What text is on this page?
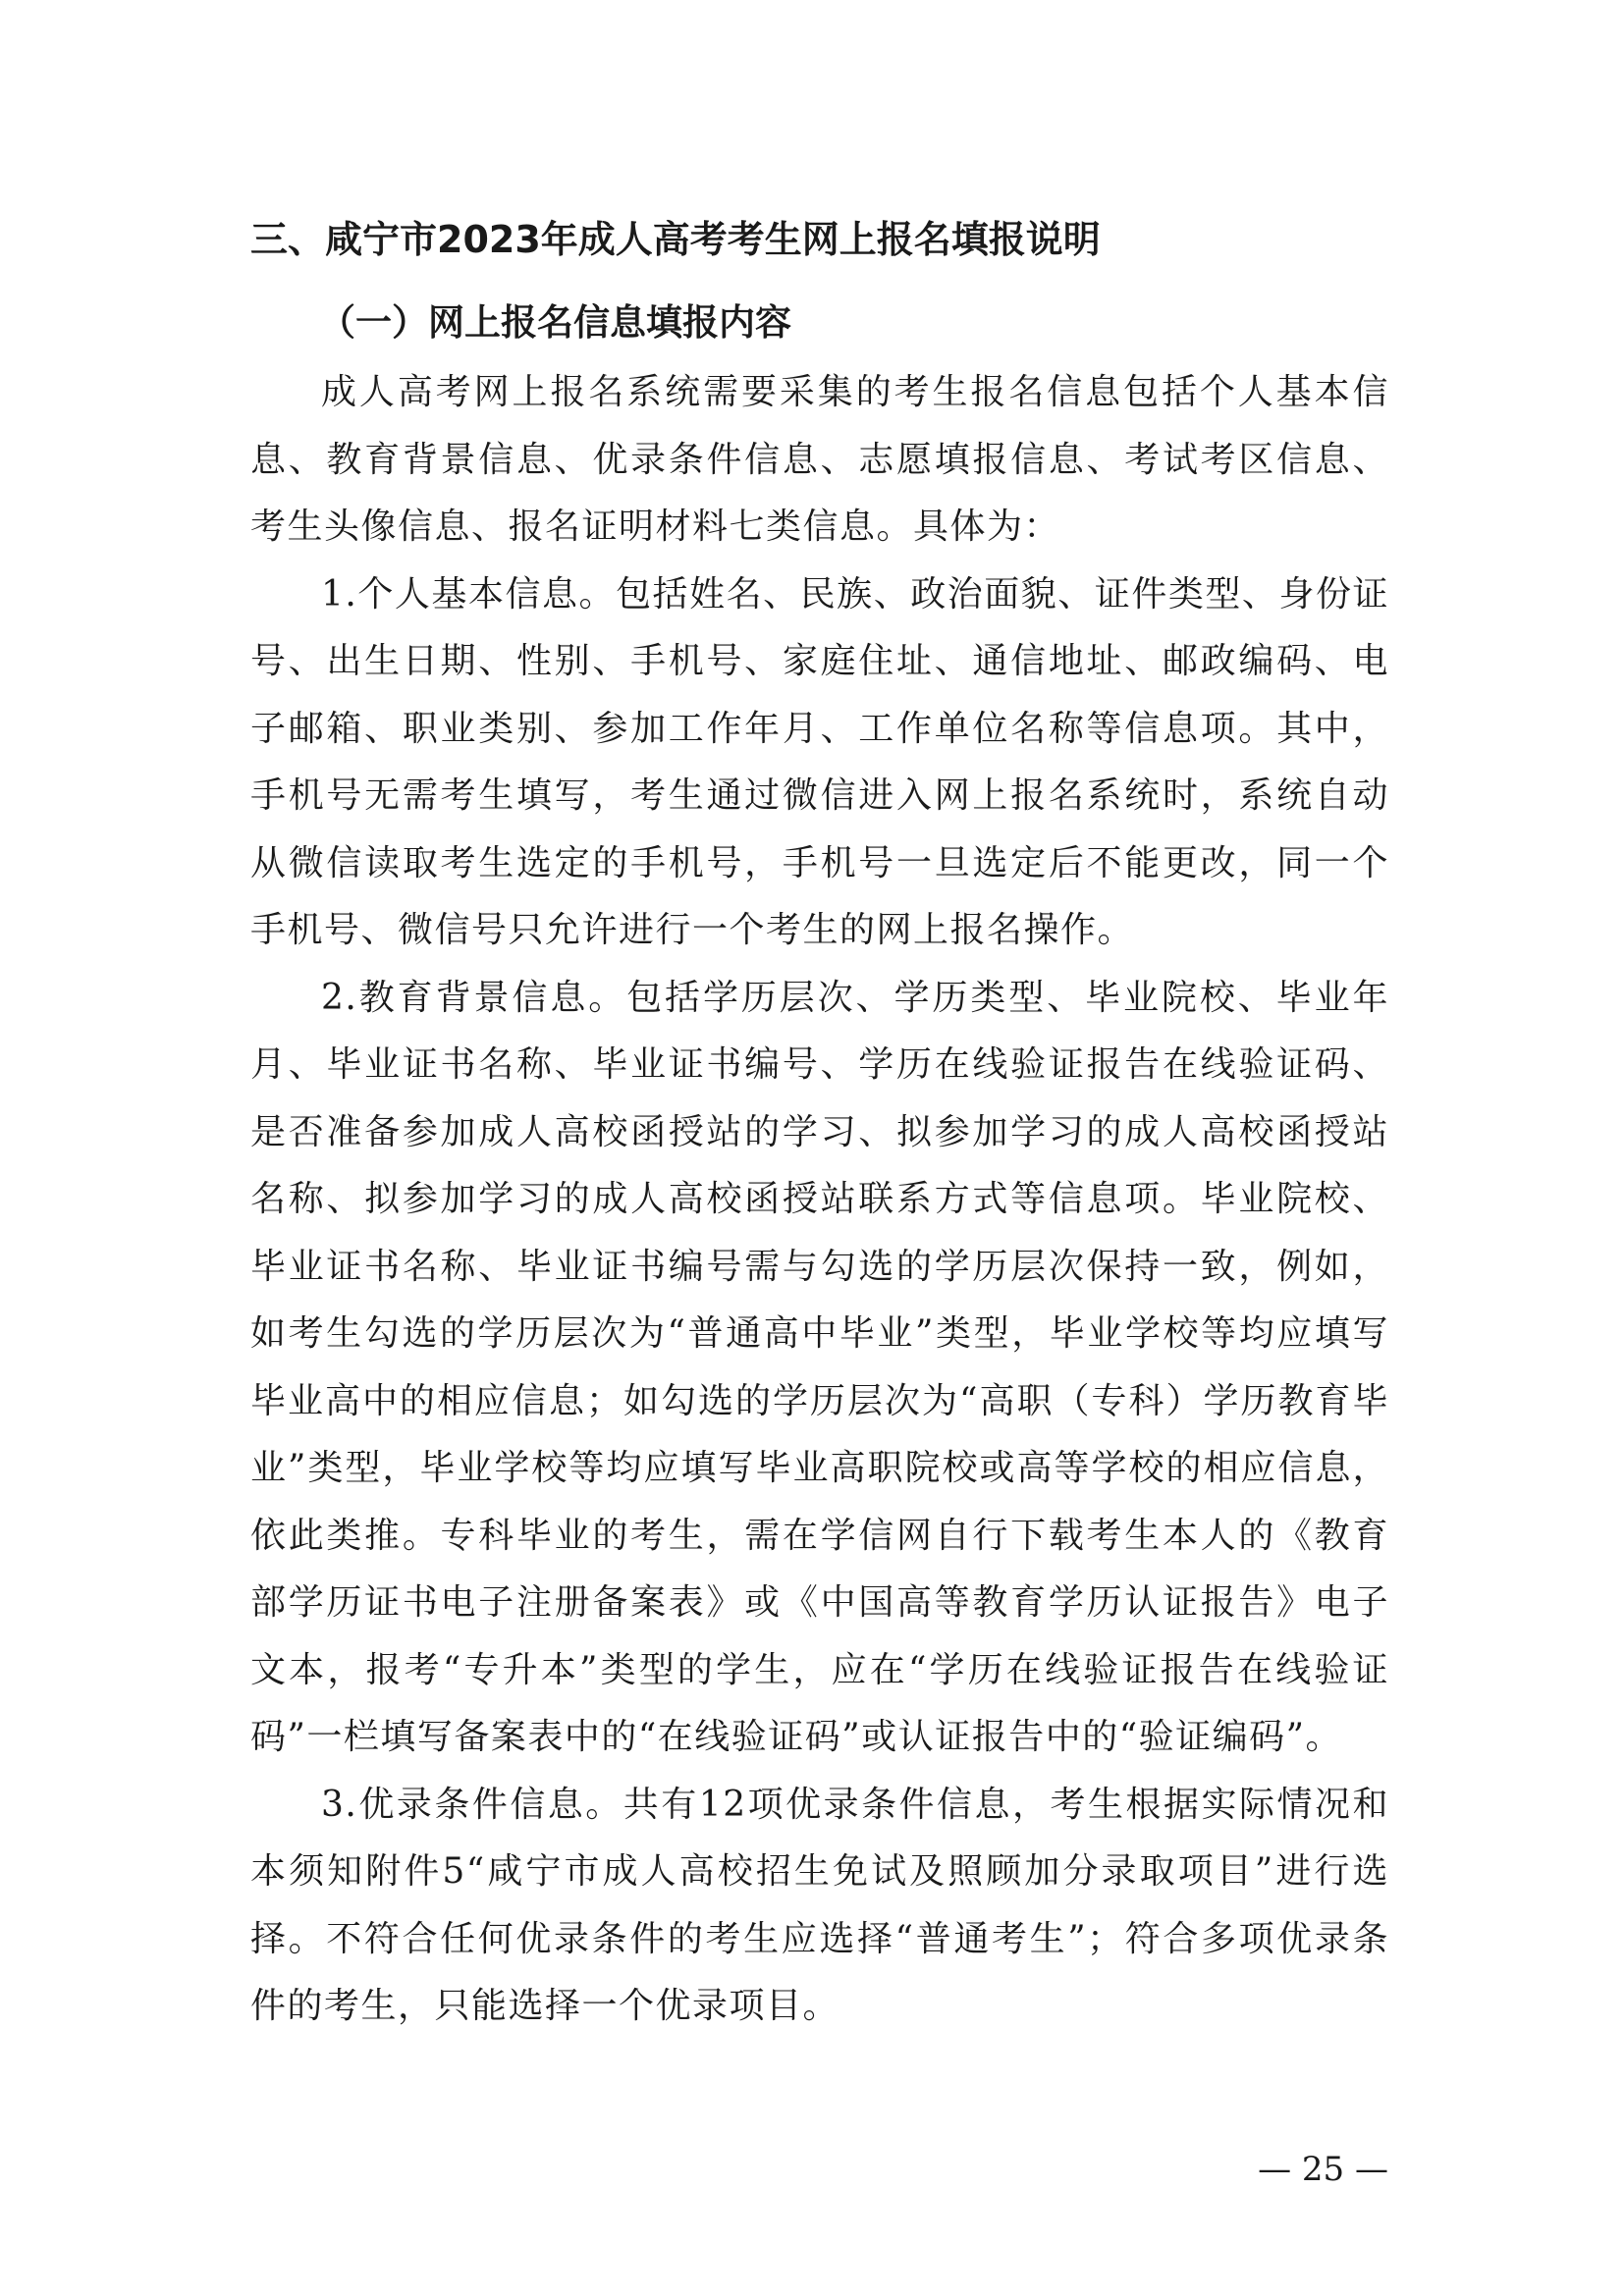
三、咸宁市2023年成人高考考生网上报名填报说明
（一）网上报名信息填报内容

成人高考网上报名系统需要采集的考生报名信息包括个人基本信息、教育背景信息、优录条件信息、志愿填报信息、考试考区信息、考生头像信息、报名证明材料七类信息。具体为：

1.个人基本信息。包括姓名、民族、政治面貌、证件类型、身份证号、出生日期、性别、手机号、家庭住址、通信地址、邮政编码、电子邮箱、职业类别、参加工作年月、工作单位名称等信息项。其中，手机号无需考生填写，考生通过微信进入网上报名系统时，系统自动从微信读取考生选定的手机号，手机号一旦选定后不能更改，同一个手机号、微信号只允许进行一个考生的网上报名操作。

2.教育背景信息。包括学历层次、学历类型、毕业院校、毕业年月、毕业证书名称、毕业证书编号、学历在线验证报告在线验证码、是否准备参加成人高校函授站的学习、拟参加学习的成人高校函授站名称、拟参加学习的成人高校函授站联系方式等信息项。毕业院校、毕业证书名称、毕业证书编号需与勾选的学历层次保持一致，例如，如考生勾选的学历层次为“普通高中毕业”类型，毕业学校等均应填写毕业高中的相应信息；如勾选的学历层次为“高职（专科）学历教育毕业”类型，毕业学校等均应填写毕业高职院校或高等学校的相应信息，依此类推。专科毕业的考生，需在学信网自行下载考生本人的《教育部学历证书电子注册备案表》或《中国高等教育学历认证报告》电子文本，报考“专升本”类型的学生，应在“学历在线验证报告在线验证码”一栏填写备案表中的“在线验证码”或认证报告中的“验证编码”。

3.优录条件信息。共有12项优录条件信息，考生根据实际情况和本须知附件5“咸宁市成人高校招生免试及照顾加分录取项目”进行选择。不符合任何优录条件的考生应选择“普通考生”；符合多项优录条件的考生，只能选择一个优录项目。

— 25 —
